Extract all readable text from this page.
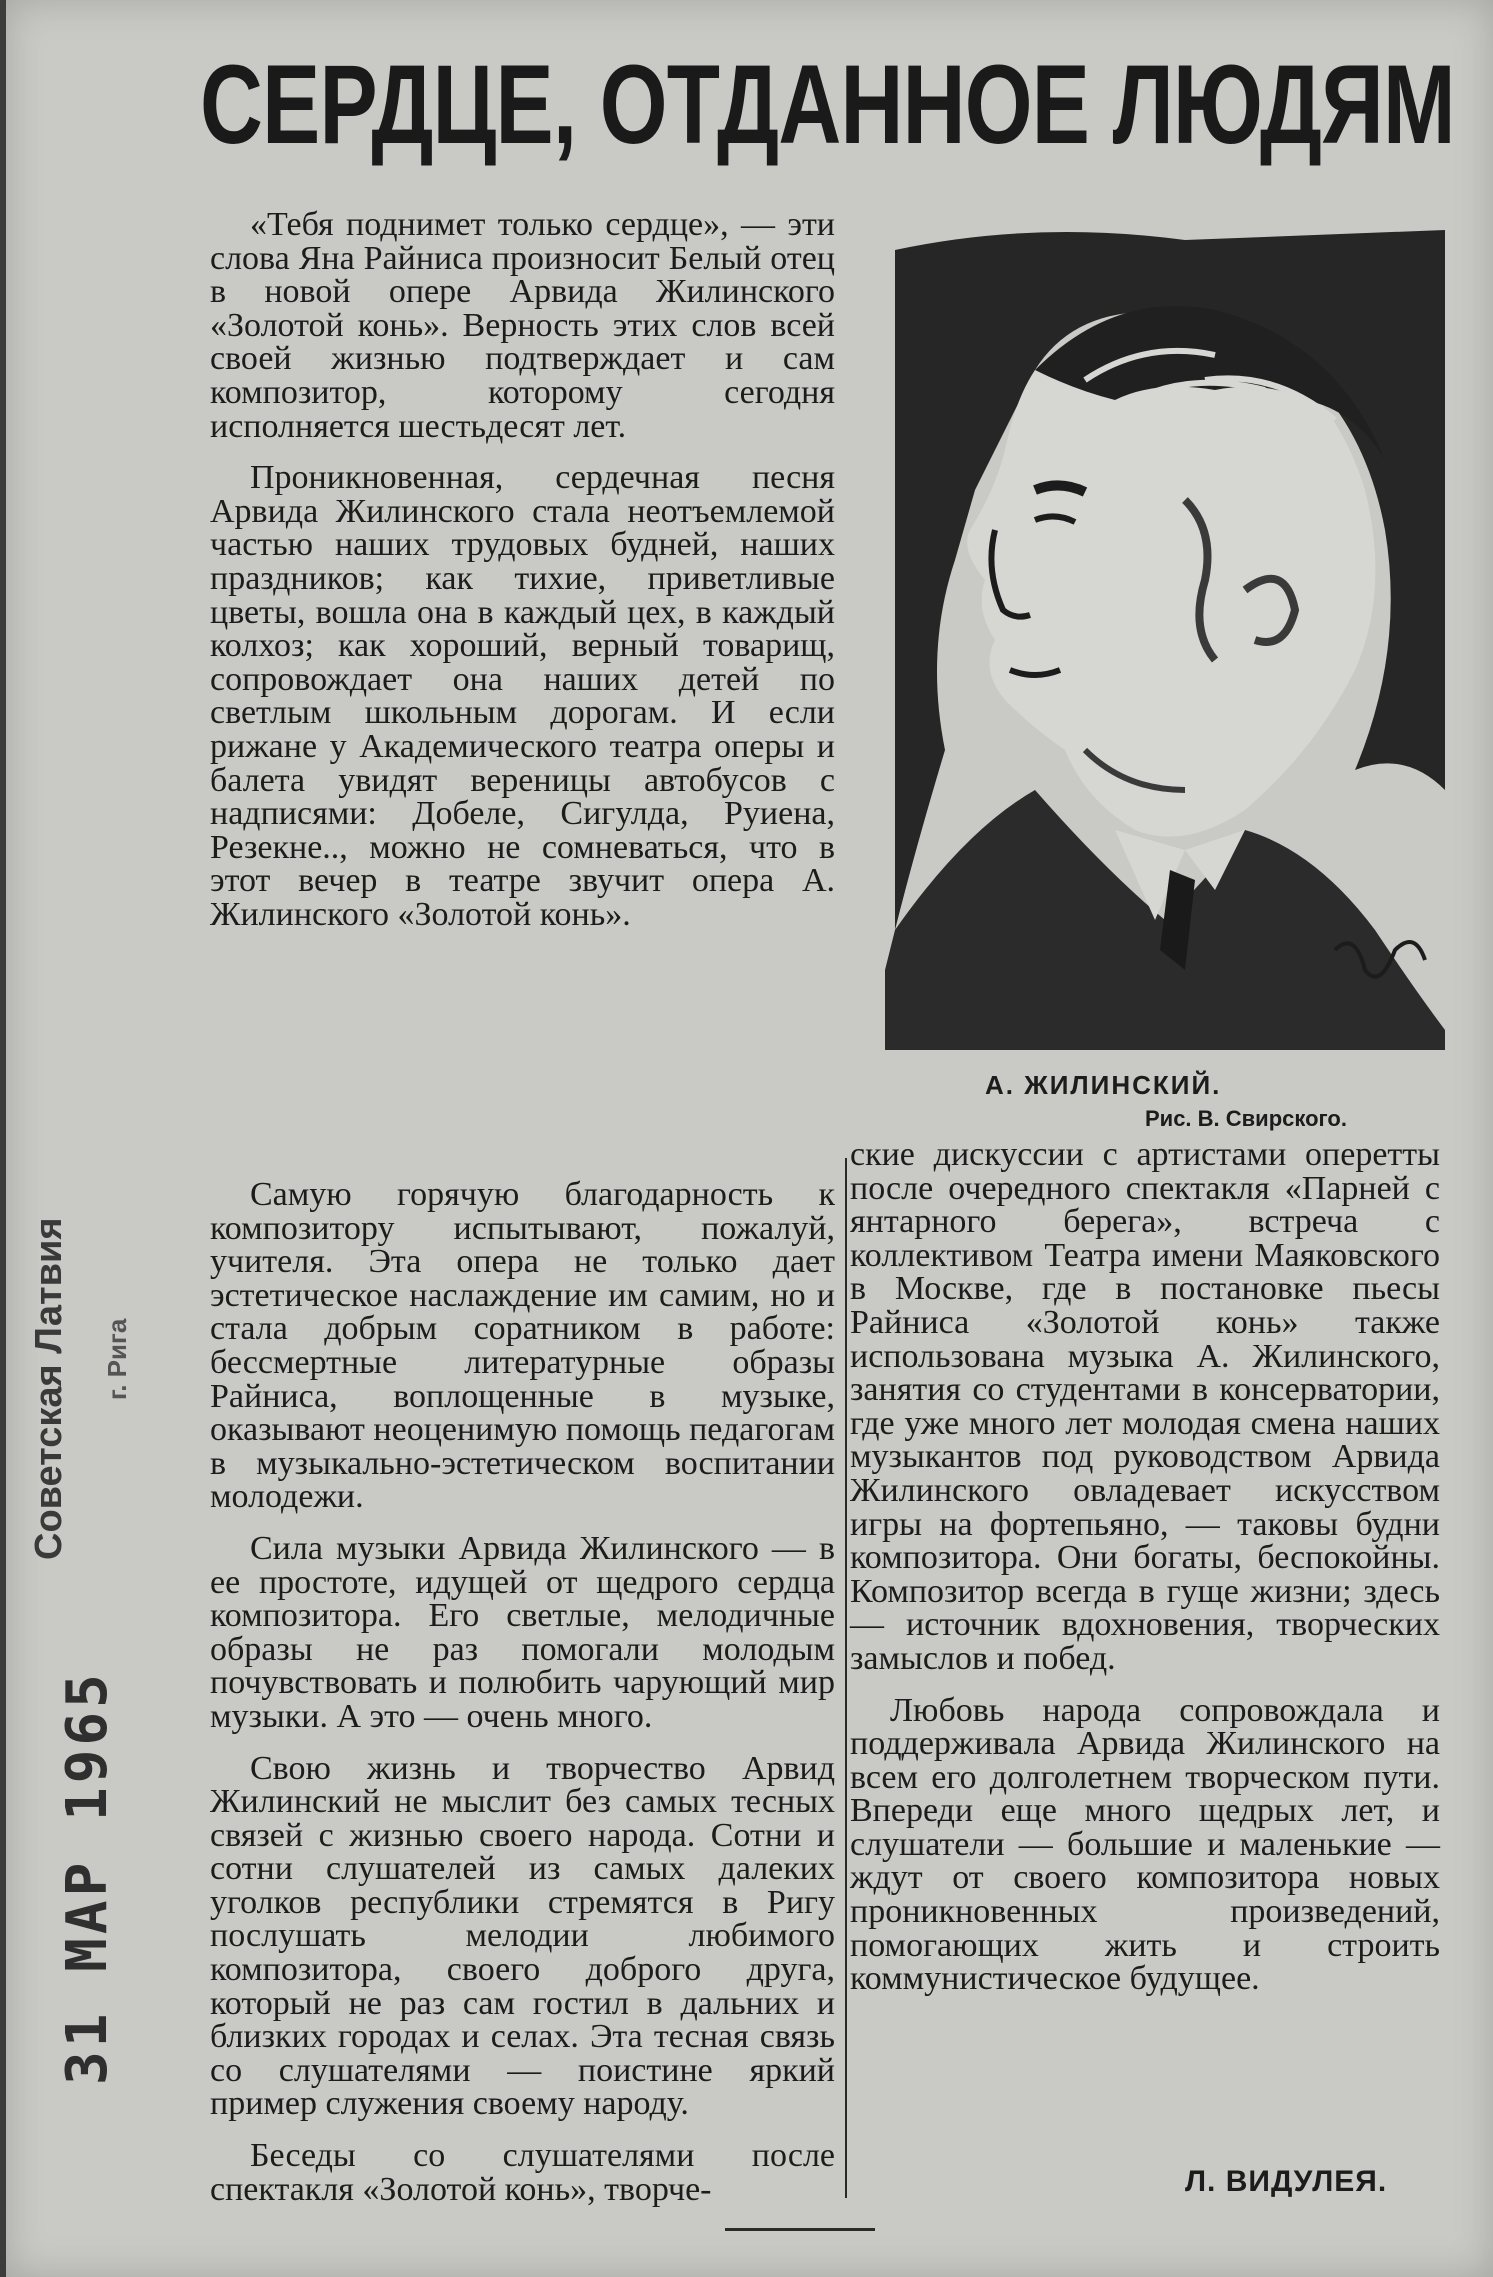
СЕРДЦЕ, ОТДАННОЕ ЛЮДЯМ

«Тебя поднимет только сердце», — эти слова Яна Райниса произносит Белый отец в новой опере Арвида Жилинского «Золотой конь». Верность этих слов всей своей жизнью подтверждает и сам композитор, которому сегодня исполняется шестьдесят лет.

Проникновенная, сердечная песня Арвида Жилинского стала неотъемлемой частью наших трудовых будней, наших праздников; как тихие, приветливые цветы, вошла она в каждый цех, в каждый колхоз; как хороший, верный товарищ, сопровождает она наших детей по светлым школьным дорогам. И если рижане у Академического театра оперы и балета увидят вереницы автобусов с надписями: Добеле, Сигулда, Руиена, Резекне.., можно не сомневаться, что в этот вечер в театре звучит опера А. Жилинского «Золотой конь».

А. ЖИЛИНСКИЙ.
Рис. В. Свирского.

Самую горячую благодарность к композитору испытывают, пожалуй, учителя. Эта опера не только дает эстетическое наслаждение им самим, но и стала добрым соратником в работе: бессмертные литературные образы Райниса, воплощенные в музыке, оказывают неоценимую помощь педагогам в музыкально-эстетическом воспитании молодежи.

Сила музыки Арвида Жилинского — в ее простоте, идущей от щедрого сердца композитора. Его светлые, мелодичные образы не раз помогали молодым почувствовать и полюбить чарующий мир музыки. А это — очень много.

Свою жизнь и творчество Арвид Жилинский не мыслит без самых тесных связей с жизнью своего народа. Сотни и сотни слушателей из самых далеких уголков республики стремятся в Ригу послушать мелодии любимого композитора, своего доброго друга, который не раз сам гостил в дальних и близких городах и селах. Эта тесная связь со слушателями — поистине яркий пример служения своему народу.

Беседы со слушателями после спектакля «Золотой конь», творче-

ские дискуссии с артистами оперетты после очередного спектакля «Парней с янтарного берега», встреча с коллективом Театра имени Маяковского в Москве, где в постановке пьесы Райниса «Золотой конь» также использована музыка А. Жилинского, занятия со студентами в консерватории, где уже много лет молодая смена наших музыкантов под руководством Арвида Жилинского овладевает искусством игры на фортепьяно, — таковы будни композитора. Они богаты, беспокойны. Композитор всегда в гуще жизни; здесь — источник вдохновения, творческих замыслов и побед.

Любовь народа сопровождала и поддерживала Арвида Жилинского на всем его долголетнем творческом пути. Впереди еще много щедрых лет, и слушатели — большие и маленькие — ждут от своего композитора новых проникновенных произведений, помогающих жить и строить коммунистическое будущее.

Л. ВИДУЛЕЯ.
Советская Латвия	г. Рига
31 МАР 1965
